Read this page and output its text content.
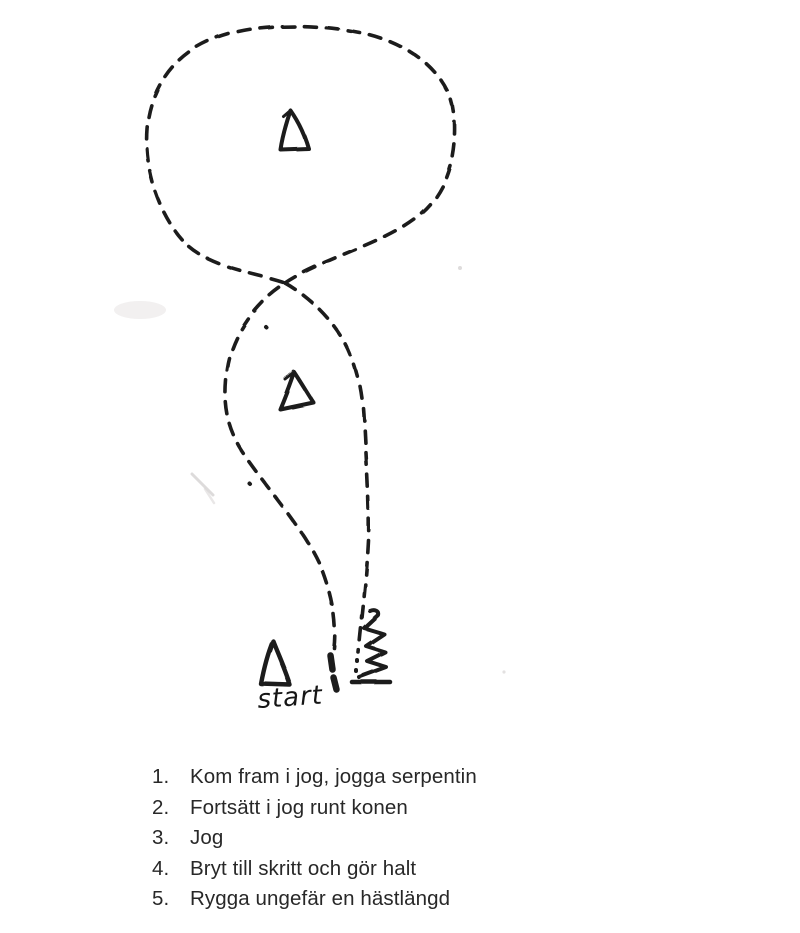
start
1.	Kom fram i jog, jogga serpentin
2.	Fortsätt i jog runt konen
3.	Jog
4.	Bryt till skritt och gör halt
5.	Rygga ungefär en hästlängd
